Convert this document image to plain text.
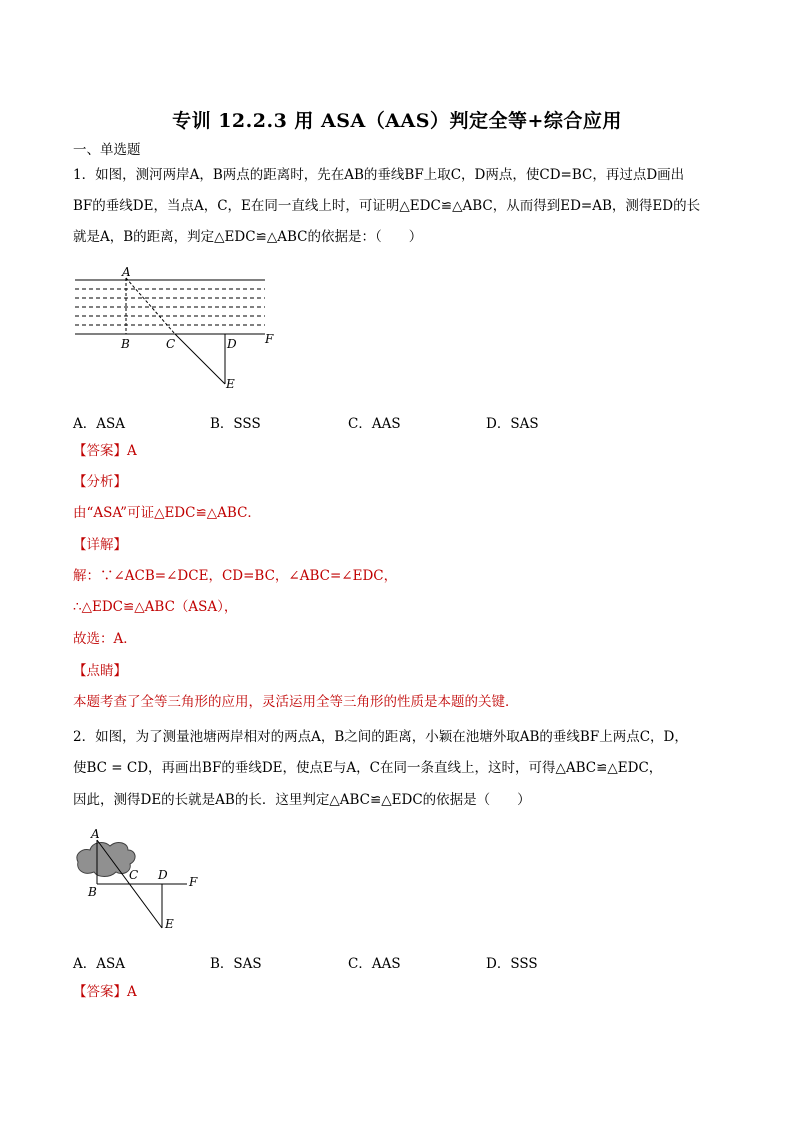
专训 12.2.3 用 ASA（AAS）判定全等+综合应用
一、单选题
1．如图，测河两岸A，B两点的距离时，先在AB的垂线BF上取C，D两点，使CD=BC，再过点D画出
BF的垂线DE，当点A，C，E在同一直线上时，可证明△EDC≌△ABC，从而得到ED=AB，测得ED的长
就是A，B的距离，判定△EDC≌△ABC的依据是：（　　）
A
B	C	D
E
F
A．ASA	B．SSS	C．AAS	D．SAS
【答案】A
【分析】
由“ASA”可证△EDC≌△ABC．
【详解】
解：∵∠ACB=∠DCE，CD=BC，∠ABC=∠EDC，
∴△EDC≌△ABC（ASA），
故选：A．
【点睛】
本题考查了全等三角形的应用，灵活运用全等三角形的性质是本题的关键．
2．如图，为了测量池塘两岸相对的两点A，B之间的距离，小颖在池塘外取AB的垂线BF上两点C，D，
使BC = CD，再画出BF的垂线DE，使点E与A，C在同一条直线上，这时，可得△ABC≌△EDC，
因此，测得DE的长就是AB的长．这里判定△ABC≌△EDC的依据是（　　）
A
B
C D
E
F
A．ASA	B．SAS	C．AAS	D．SSS
【答案】A
